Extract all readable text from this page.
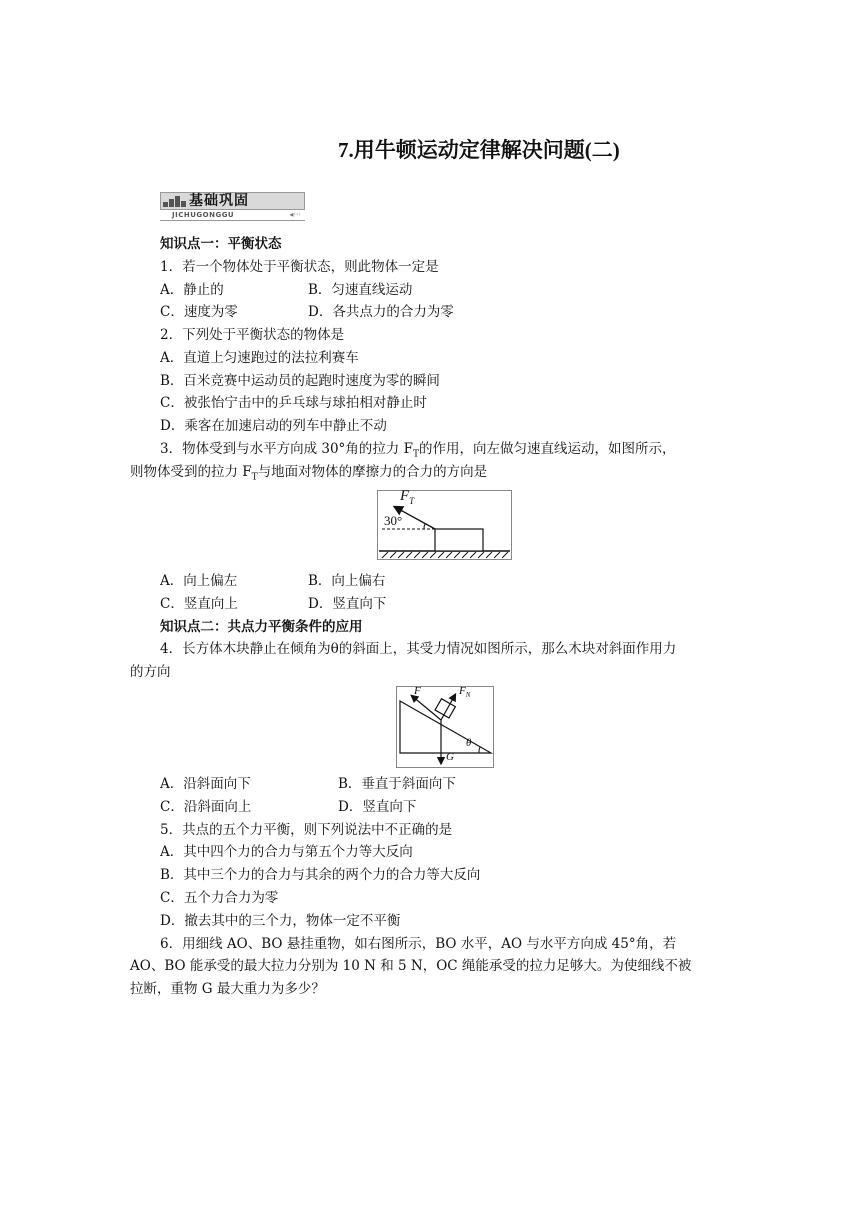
7.用牛顿运动定律解决问题(二)
基础巩固
JICHUGONGGU	◂···
知识点一：平衡状态
1．若一个物体处于平衡状态，则此物体一定是
A．静止的	B．匀速直线运动
C．速度为零	D．各共点力的合力为零
2．下列处于平衡状态的物体是
A．直道上匀速跑过的法拉利赛车
B．百米竞赛中运动员的起跑时速度为零的瞬间
C．被张怡宁击中的乒乓球与球拍相对静止时
D．乘客在加速启动的列车中静止不动
3．物体受到与水平方向成 30°角的拉力 $F_T$的作用，向左做匀速直线运动，如图所示，
则物体受到的拉力 $F_T$与地面对物体的摩擦力的合力的方向是
$F_T$
30°
A．向上偏左	B．向上偏右
C．竖直向上	D．竖直向下
知识点二：共点力平衡条件的应用
4．长方体木块静止在倾角为θ的斜面上，其受力情况如图所示，那么木块对斜面作用力
的方向
F	$F_N$
G
θ
A．沿斜面向下	B．垂直于斜面向下
C．沿斜面向上	D．竖直向下
5．共点的五个力平衡，则下列说法中不正确的是
A．其中四个力的合力与第五个力等大反向
B．其中三个力的合力与其余的两个力的合力等大反向
C．五个力合力为零
D．撤去其中的三个力，物体一定不平衡
6．用细线 AO、BO 悬挂重物，如右图所示，BO 水平，AO 与水平方向成 45°角，若
AO、BO 能承受的最大拉力分别为 10 N 和 5 N，OC 绳能承受的拉力足够大。为使细线不被
拉断，重物 G 最大重力为多少？
